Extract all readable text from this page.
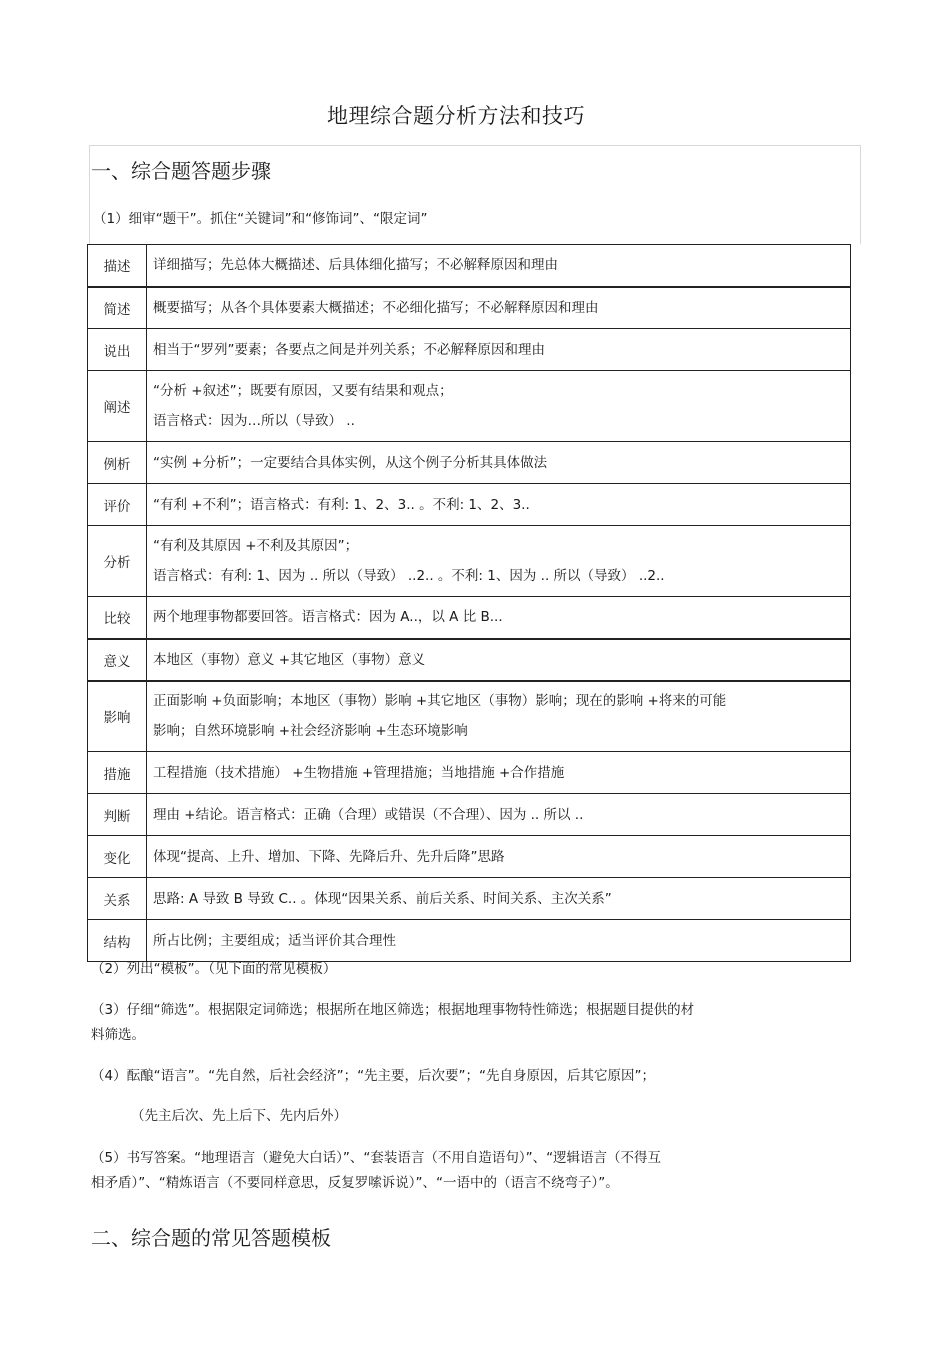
地理综合题分析方法和技巧
一、综合题答题步骤
（1）细审“题干”。抓住“关键词”和“修饰词”、“限定词”
描述	详细描写；先总体大概描述、后具体细化描写；不必解释原因和理由

简述	概要描写；从各个具体要素大概描述；不必细化描写；不必解释原因和理由

说出	相当于“罗列”要素；各要点之间是并列关系；不必解释原因和理由

阐述	“分析 +叙述”；既要有原因，又要有结果和观点；
语言格式：因为…所以（导致） ..

例析	“实例 +分析”；一定要结合具体实例，从这个例子分析其具体做法

评价	“有利 +不利”；语言格式：有利: 1、2、3.. 。不利: 1、2、3..

分析	“有利及其原因 +不利及其原因”；
语言格式：有利: 1、因为 .. 所以（导致） ..2.. 。不利: 1、因为 .. 所以（导致） ..2..

比较	两个地理事物都要回答。语言格式：因为 A..，以 A 比 B...

意义	本地区（事物）意义 +其它地区（事物）意义

影响	正面影响 +负面影响；本地区（事物）影响 +其它地区（事物）影响；现在的影响 +将来的可能
影响；自然环境影响 +社会经济影响 +生态环境影响

措施	工程措施（技术措施） +生物措施 +管理措施；当地措施 +合作措施

判断	理由 +结论。语言格式：正确（合理）或错误（不合理）、因为 .. 所以 ..

变化	体现“提高、上升、增加、下降、先降后升、先升后降”思路

关系	思路: A 导致 B 导致 C.. 。体现“因果关系、前后关系、时间关系、主次关系”

结构	所占比例；主要组成；适当评价其合理性
（2）列出“模板”。（见下面的常见模板）
（3）仔细“筛选”。根据限定词筛选；根据所在地区筛选；根据地理事物特性筛选；根据题目提供的材
料筛选。
（4）酝酿“语言”。“先自然，后社会经济”；“先主要，后次要”；“先自身原因，后其它原因”；
（先主后次、先上后下、先内后外）
（5）书写答案。“地理语言（避免大白话）”、“套装语言（不用自造语句）”、“逻辑语言（不得互
相矛盾）”、“精炼语言（不要同样意思，反复罗嗦诉说）”、“一语中的（语言不绕弯子）”。
二、综合题的常见答题模板
